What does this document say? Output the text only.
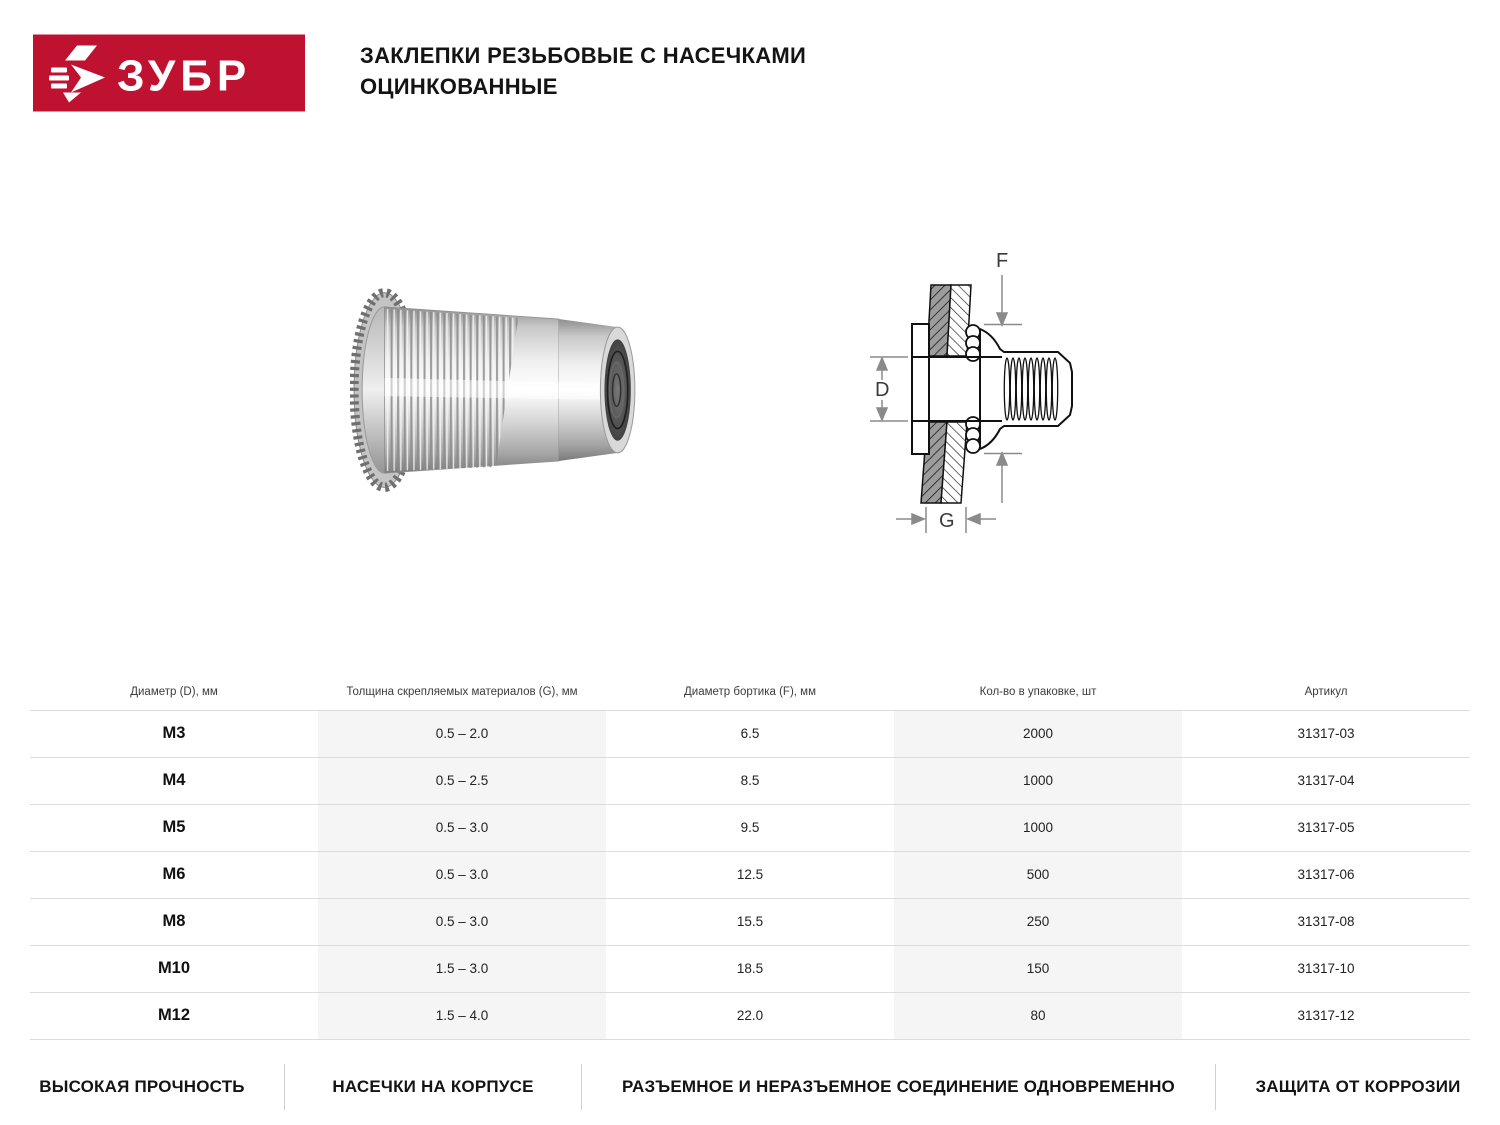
ЗУБР	ЗАКЛЕПКИ РЕЗЬБОВЫЕ С НАСЕЧКАМИ
ОЦИНКОВАННЫЕ
F
D
G
Диаметр (D), мм	Толщина скрепляемых материалов (G), мм	Диаметр бортика (F), мм	Кол-во в упаковке, шт	Артикул
М3	0.5 – 2.0	6.5	2000	31317-03
М4	0.5 – 2.5	8.5	1000	31317-04
М5	0.5 – 3.0	9.5	1000	31317-05
М6	0.5 – 3.0	12.5	500	31317-06
М8	0.5 – 3.0	15.5	250	31317-08
М10	1.5 – 3.0	18.5	150	31317-10
М12	1.5 – 4.0	22.0	80	31317-12
ВЫСОКАЯ ПРОЧНОСТЬ	НАСЕЧКИ НА КОРПУСЕ	РАЗЪЕМНОЕ И НЕРАЗЪЕМНОЕ СОЕДИНЕНИЕ ОДНОВРЕМЕННО	ЗАЩИТА ОТ КОРРОЗИИ
